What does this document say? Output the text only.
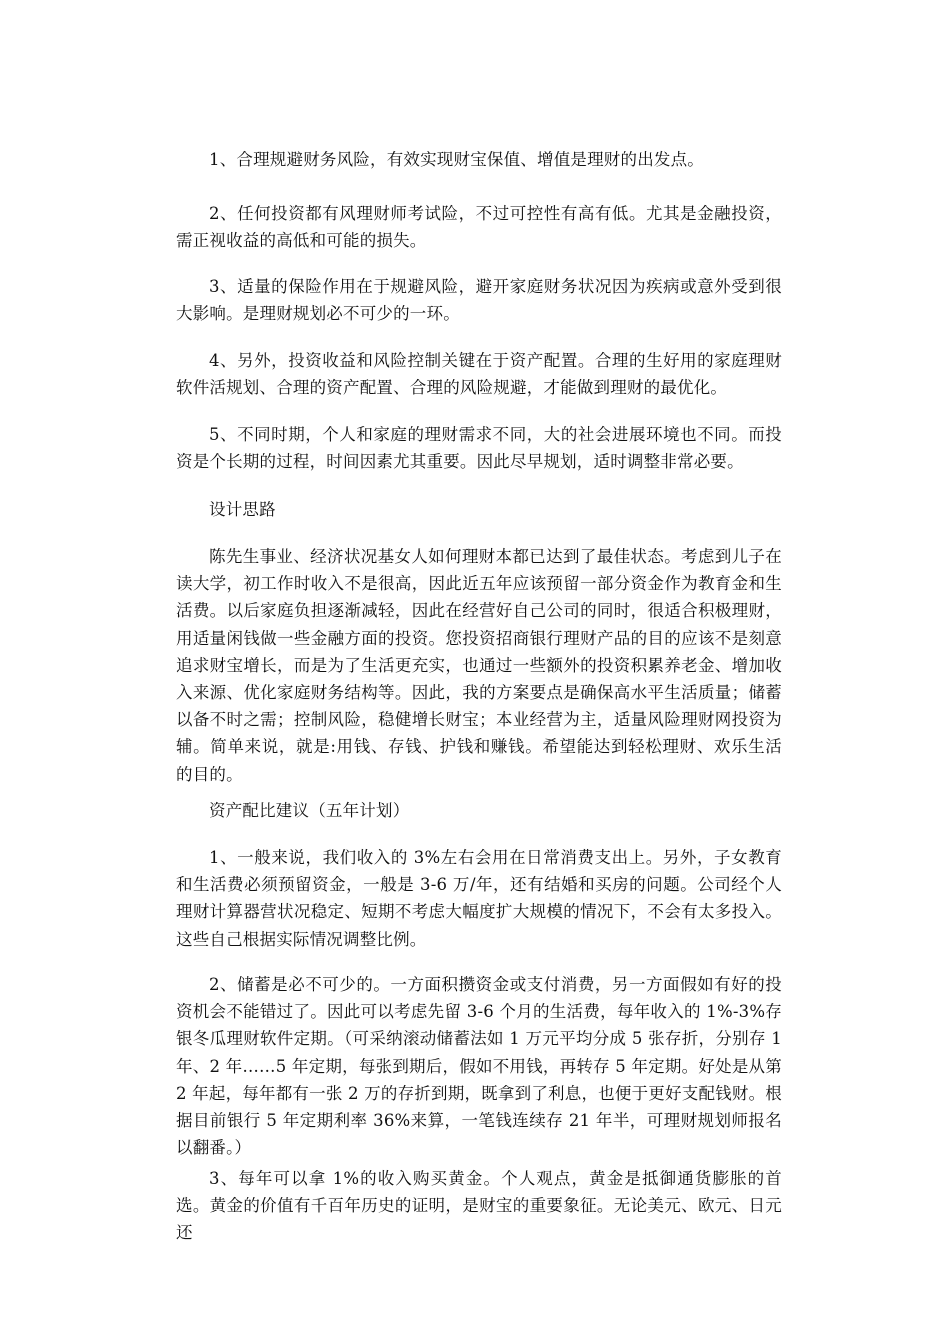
1、合理规避财务风险，有效实现财宝保值、增值是理财的出发点。

2、任何投资都有风理财师考试险，不过可控性有高有低。尤其是金融投资，需正视收益的高低和可能的损失。

3、适量的保险作用在于规避风险，避开家庭财务状况因为疾病或意外受到很大影响。是理财规划必不可少的一环。

4、另外，投资收益和风险控制关键在于资产配置。合理的生好用的家庭理财软件活规划、合理的资产配置、合理的风险规避，才能做到理财的最优化。

5、不同时期，个人和家庭的理财需求不同，大的社会进展环境也不同。而投资是个长期的过程，时间因素尤其重要。因此尽早规划，适时调整非常必要。

设计思路

陈先生事业、经济状况基女人如何理财本都已达到了最佳状态。考虑到儿子在读大学，初工作时收入不是很高，因此近五年应该预留一部分资金作为教育金和生活费。以后家庭负担逐渐减轻，因此在经营好自己公司的同时，很适合积极理财，用适量闲钱做一些金融方面的投资。您投资招商银行理财产品的目的应该不是刻意追求财宝增长，而是为了生活更充实，也通过一些额外的投资积累养老金、增加收入来源、优化家庭财务结构等。因此，我的方案要点是确保高水平生活质量；储蓄以备不时之需；控制风险，稳健增长财宝；本业经营为主，适量风险理财网投资为辅。简单来说，就是:用钱、存钱、护钱和赚钱。希望能达到轻松理财、欢乐生活的目的。

资产配比建议（五年计划）

1、一般来说，我们收入的 3%左右会用在日常消费支出上。另外，子女教育和生活费必须预留资金，一般是 3-6 万/年，还有结婚和买房的问题。公司经个人理财计算器营状况稳定、短期不考虑大幅度扩大规模的情况下，不会有太多投入。这些自己根据实际情况调整比例。

2、储蓄是必不可少的。一方面积攒资金或支付消费，另一方面假如有好的投资机会不能错过了。因此可以考虑先留 3-6 个月的生活费，每年收入的 1%-3%存银冬瓜理财软件定期。（可采纳滚动储蓄法如 1 万元平均分成 5 张存折，分别存 1 年、2 年……5 年定期，每张到期后，假如不用钱，再转存 5 年定期。好处是从第 2 年起，每年都有一张 2 万的存折到期，既拿到了利息，也便于更好支配钱财。根据目前银行 5 年定期利率 36%来算，一笔钱连续存 21 年半，可理财规划师报名以翻番。）

3、每年可以拿 1%的收入购买黄金。个人观点，黄金是抵御通货膨胀的首选。黄金的价值有千百年历史的证明，是财宝的重要象征。无论美元、欧元、日元还
